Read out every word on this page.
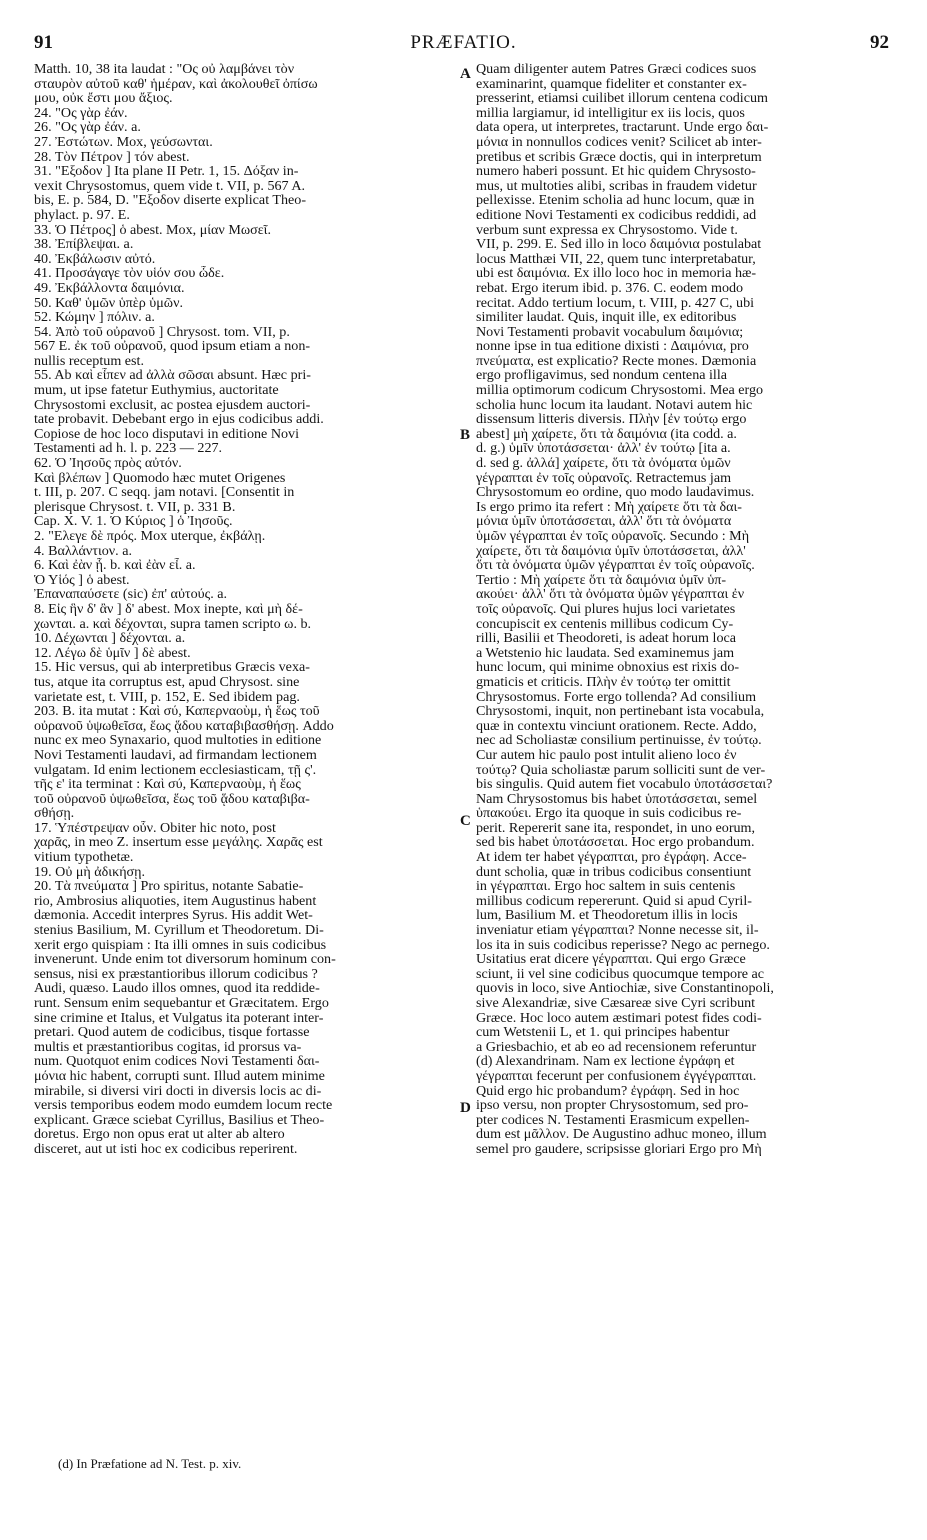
91	PRÆFATIO.	92
Matth. 10, 38 ita laudat : "Ος οὐ λαμβάνει τὸν
σταυρὸν αὐτοῦ καθ' ἡμέραν, καὶ ἀκολουθεῖ ὀπίσω
μου, οὐκ ἔστι μου ἄξιος.
24. "Ος γὰρ ἐάν.
26. "Ος γὰρ ἐάν. a.
27. Ἐστώτων. Mox, γεύσωνται.
28. Τὸν Πέτρον ] τόν abest.
31. "Εξοδον ] Ita plane II Petr. 1, 15. Δόξαν in-
vexit Chrysostomus, quem vide t. VII, p. 567 A.
bis, E. p. 584, D. "Εξοδον diserte explicat Theo-
phylact. p. 97. E.
33. Ὁ Πέτρος] ὁ abest. Mox, μίαν Μωσεῖ.
38. Ἐπίβλεψαι. a.
40. Ἐκβάλωσιν αὐτό.
41. Προσάγαγε τὸν υἱόν σου ὧδε.
49. Ἐκβάλλοντα δαιμόνια.
50. Καθ' ὑμῶν ὑπὲρ ὑμῶν.
52. Κώμην ] πόλιν. a.
54. Ἀπὸ τοῦ οὐρανοῦ ] Chrysost. tom. VII, p.
567 E. ἐκ τοῦ οὐρανοῦ, quod ipsum etiam a non-
nullis receptum est.
55. Ab καὶ εἶπεν ad ἀλλὰ σῶσαι absunt. Hæc pri-
mum, ut ipse fatetur Euthymius, auctoritate
Chrysostomi exclusit, ac postea ejusdem auctori-
tate probavit. Debebant ergo in ejus codicibus addi.
Copiose de hoc loco disputavi in editione Novi
Testamenti ad h. l. p. 223 — 227.
62. Ὁ Ἰησοῦς πρὸς αὐτόν.
Καὶ βλέπων ] Quomodo hæc mutet Origenes
t. III, p. 207. C seqq. jam notavi. [Consentit in
plerisque Chrysost. t. VII, p. 331 B.
Cap. X. V. 1. Ὁ Κύριος ] ὁ Ἰησοῦς.
2. "Ελεγε δὲ πρός. Mox uterque, ἐκβάλῃ.
4. Βαλλάντιον. a.
6. Καὶ ἐὰν ᾖ. b. καὶ ἐὰν εἶ. a.
Ὁ Υἱός ] ὁ abest.
Ἐπαναπαύσετε (sic) ἐπ' αὐτούς. a.
8. Εἰς ἣν δ' ἂν ] δ' abest. Mox inepte, καὶ μὴ δέ-
χωνται. a. καὶ δέχονται, supra tamen scripto ω. b.
10. Δέχωνται ] δέχονται. a.
12. Λέγω δὲ ὑμῖν ] δὲ abest.
15. Hic versus, qui ab interpretibus Græcis vexa-
tus, atque ita corruptus est, apud Chrysost. sine
varietate est, t. VIII, p. 152, E. Sed ibidem pag.
203. B. ita mutat : Καὶ σύ, Καπερναοὺμ, ἡ ἕως τοῦ
οὐρανοῦ ὑψωθεῖσα, ἕως ᾅδου καταβιβασθήσῃ. Addo
nunc ex meo Synaxario, quod multoties in editione
Novi Testamenti laudavi, ad firmandam lectionem
vulgatam. Id enim lectionem ecclesiasticam, τῇ ς'.
τῆς ε' ita terminat : Καὶ σύ, Καπερναοὺμ, ἡ ἕως
τοῦ οὐρανοῦ ὑψωθεῖσα, ἕως τοῦ ᾅδου καταβιβα-
σθήσῃ.
17. Ὑπέστρεψαν οὖν. Obiter hic noto, post
χαρᾶς, in meo Z. insertum esse μεγάλης. Χαρᾶς est
vitium typothetæ.
19. Οὐ μὴ ἀδικήσῃ.
20. Τὰ πνεύματα ] Pro spiritus, notante Sabatie-
rio, Ambrosius aliquoties, item Augustinus habent
dæmonia. Accedit interpres Syrus. His addit Wet-
stenius Basilium, M. Cyrillum et Theodoretum. Di-
xerit ergo quispiam : Ita illi omnes in suis codicibus
invenerunt. Unde enim tot diversorum hominum con-
sensus, nisi ex præstantioribus illorum codicibus ?
Audi, quæso. Laudo illos omnes, quod ita reddide-
runt. Sensum enim sequebantur et Græcitatem. Ergo
sine crimine et Italus, et Vulgatus ita poterant inter-
pretari. Quod autem de codicibus, tisque fortasse
multis et præstantioribus cogitas, id prorsus va-
num. Quotquot enim codices Novi Testamenti δαι-
μόνια hic habent, corrupti sunt. Illud autem minime
mirabile, si diversi viri docti in diversis locis ac di-
versis temporibus eodem modo eumdem locum recte
explicant. Græce sciebat Cyrillus, Basilius et Theo-
doretus. Ergo non opus erat ut alter ab altero
disceret, aut ut isti hoc ex codicibus reperirent.
Quam diligenter autem Patres Græci codices suos
examinarint, quamque fideliter et constanter ex-
presserint, etiamsi cuilibet illorum centena codicum
millia largiamur, id intelligitur ex iis locis, quos
data opera, ut interpretes, tractarunt. Unde ergo δαι-
μόνια in nonnullos codices venit? Scilicet ab inter-
pretibus et scribis Græce doctis, qui in interpretum
numero haberi possunt. Et hic quidem Chrysosto-
mus, ut multoties alibi, scribas in fraudem videtur
pellexisse. Etenim scholia ad hunc locum, quæ in
editione Novi Testamenti ex codicibus reddidi, ad
verbum sunt expressa ex Chrysostomo. Vide t.
VII, p. 299. E. Sed illo in loco δαιμόνια postulabat
locus Matthæi VII, 22, quem tunc interpretabatur,
ubi est δαιμόνια. Ex illo loco hoc in memoria hæ-
rebat. Ergo iterum ibid. p. 376. C. eodem modo
recitat. Addo tertium locum, t. VIII, p. 427 C, ubi
similiter laudat. Quis, inquit ille, ex editoribus
Novi Testamenti probavit vocabulum δαιμόνια;
nonne ipse in tua editione dixisti : Δαιμόνια, pro
πνεύματα, est explicatio? Recte mones. Dæmonia
ergo profligavimus, sed nondum centena illa
millia optimorum codicum Chrysostomi. Mea ergo
scholia hunc locum ita laudant. Notavi autem hic
dissensum litteris diversis. Πλὴν [ἐν τούτῳ ergo
abest] μὴ χαίρετε, ὅτι τὰ δαιμόνια (ita codd. a.
d. g.) ὑμῖν ὑποτάσσεται· ἀλλ' ἐν τούτῳ [ita a.
d. sed g. ἀλλά] χαίρετε, ὅτι τὰ ὀνόματα ὑμῶν
γέγραπται ἐν τοῖς οὐρανοῖς. Retractemus jam
Chrysostomum eo ordine, quo modo laudavimus.
Is ergo primo ita refert : Μὴ χαίρετε ὅτι τὰ δαι-
μόνια ὑμῖν ὑποτάσσεται, ἀλλ' ὅτι τὰ ὀνόματα
ὑμῶν γέγραπται ἐν τοῖς οὐρανοῖς. Secundo : Μὴ
χαίρετε, ὅτι τὰ δαιμόνια ὑμῖν ὑποτάσσεται, ἀλλ'
ὅτι τὰ ὀνόματα ὑμῶν γέγραπται ἐν τοῖς οὐρανοῖς.
Tertio : Μὴ χαίρετε ὅτι τὰ δαιμόνια ὑμῖν ὑπ-
ακούει· ἀλλ' ὅτι τὰ ὀνόματα ὑμῶν γέγραπται ἐν
τοῖς οὐρανοῖς. Qui plures hujus loci varietates
concupiscit ex centenis millibus codicum Cy-
rilli, Basilii et Theodoreti, is adeat horum loca
a Wetstenio hic laudata. Sed examinemus jam
hunc locum, qui minime obnoxius est rixis do-
gmaticis et criticis. Πλὴν ἐν τούτῳ ter omittit
Chrysostomus. Forte ergo tollenda? Ad consilium
Chrysostomi, inquit, non pertinebant ista vocabula,
quæ in contextu vinciunt orationem. Recte. Addo,
nec ad Scholiastæ consilium pertinuisse, ἐν τούτῳ.
Cur autem hic paulo post intulit alieno loco ἐν
τούτῳ? Quia scholiastæ parum solliciti sunt de ver-
bis singulis. Quid autem fiet vocabulo ὑποτάσσεται?
Nam Chrysostomus bis habet ὑποτάσσεται, semel
ὑπακούει. Ergo ita quoque in suis codicibus re-
perit. Repererit sane ita, respondet, in uno eorum,
sed bis habet ὑποτάσσεται. Hoc ergo probandum.
At idem ter habet γέγραπται, pro ἐγράφη. Acce-
dunt scholia, quæ in tribus codicibus consentiunt
in γέγραπται. Ergo hoc saltem in suis centenis
millibus codicum repererunt. Quid si apud Cyril-
lum, Basilium M. et Theodoretum illis in locis
inveniatur etiam γέγραπται? Nonne necesse sit, il-
los ita in suis codicibus reperisse? Nego ac pernego.
Usitatius erat dicere γέγραπται. Qui ergo Græce
sciunt, ii vel sine codicibus quocumque tempore ac
quovis in loco, sive Antiochiæ, sive Constantinopoli,
sive Alexandriæ, sive Cæsareæ sive Cyri scribunt
Græce. Hoc loco autem æstimari potest fides codi-
cum Wetstenii L, et 1. qui principes habentur
a Griesbachio, et ab eo ad recensionem referuntur
(d) Alexandrinam. Nam ex lectione ἐγράφη et
γέγραπται fecerunt per confusionem ἐγγέγραπται.
Quid ergo hic probandum? ἐγράφη. Sed in hoc
ipso versu, non propter Chrysostomum, sed pro-
pter codices N. Testamenti Erasmicum expellen-
dum est μᾶλλον. De Augustino adhuc moneo, illum
semel pro gaudere, scripsisse gloriari Ergo pro Μὴ
A
B
C
D
(d) In Præfatione ad N. Test. p. xiv.
